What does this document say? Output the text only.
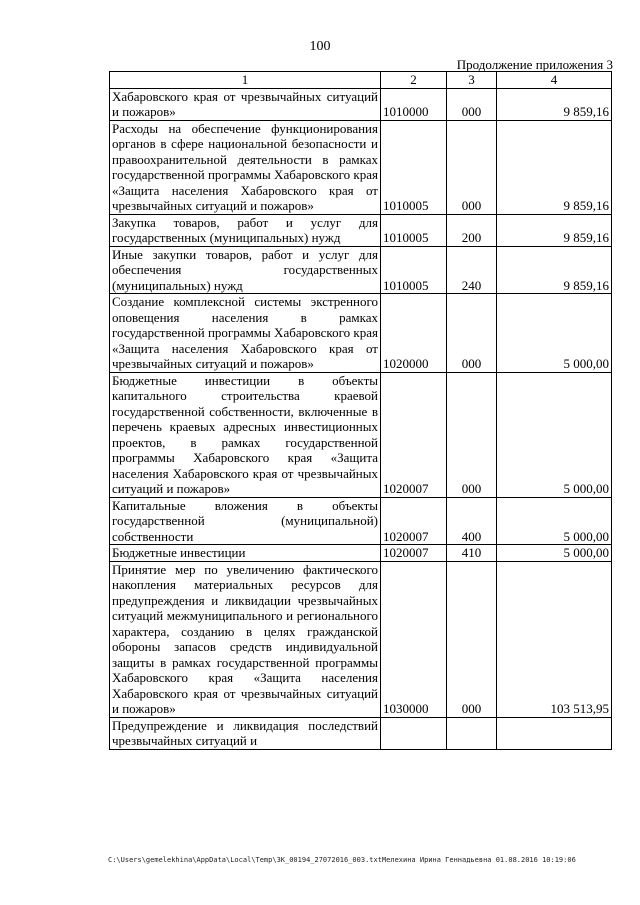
100
Продолжение приложения 3
1	2	3	4
Хабаровского края от чрезвычайных ситуаций и пожаров»	1010000	000	9 859,16
Расходы на обеспечение функционирования органов в сфере национальной безопасности и правоохранительной деятельности в рамках государственной программы Хабаровского края «Защита населения Хабаровского края от чрезвычайных ситуаций и пожаров»	1010005	000	9 859,16
Закупка товаров, работ и услуг для государственных (муниципальных) нужд	1010005	200	9 859,16
Иные закупки товаров, работ и услуг для обеспечения государственных (муниципальных) нужд	1010005	240	9 859,16
Создание комплексной системы экстренного оповещения населения в рамках государственной программы Хабаровского края «Защита населения Хабаровского края от чрезвычайных ситуаций и пожаров»	1020000	000	5 000,00
Бюджетные инвестиции в объекты капитального строительства краевой государственной собственности, включенные в перечень краевых адресных инвестиционных проектов, в рамках государственной программы Хабаровского края «Защита населения Хабаровского края от чрезвычайных ситуаций и пожаров»	1020007	000	5 000,00
Капитальные вложения в объекты государственной (муниципальной) собственности	1020007	400	5 000,00
Бюджетные инвестиции	1020007	410	5 000,00
Принятие мер по увеличению фактического накопления материальных ресурсов для предупреждения и ликвидации чрезвычайных ситуаций межмуниципального и регионального характера, созданию в целях гражданской обороны запасов средств индивидуальной защиты в рамках государственной программы Хабаровского края «Защита населения Хабаровского края от чрезвычайных ситуаций и пожаров»	1030000	000	103 513,95
Предупреждение и ликвидация последствий чрезвычайных ситуаций и			
C:\Users\gemelekhina\AppData\Local\Temp\ЗК_00194_27072016_003.txtМелехина Ирина Геннадьевна 01.08.2016 10:19:06
